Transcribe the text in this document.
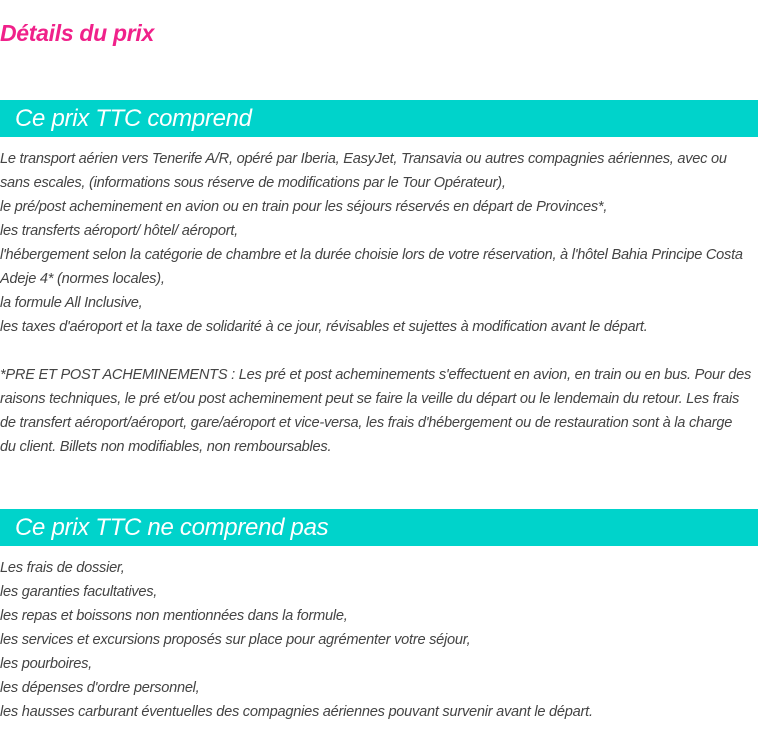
Détails du prix
Ce prix TTC comprend
Le transport aérien vers Tenerife A/R, opéré par Iberia, EasyJet, Transavia ou autres compagnies aériennes, avec ou
sans escales, (informations sous réserve de modifications par le Tour Opérateur),
le pré/post acheminement en avion ou en train pour les séjours réservés en départ de Provinces*,
les transferts aéroport/ hôtel/ aéroport,
l'hébergement selon la catégorie de chambre et la durée choisie lors de votre réservation, à l'hôtel Bahia Principe Costa
Adeje 4* (normes locales),
la formule All Inclusive,
les taxes d'aéroport et la taxe de solidarité à ce jour, révisables et sujettes à modification avant le départ.
*PRE ET POST ACHEMINEMENTS : Les pré et post acheminements s'effectuent en avion, en train ou en bus. Pour des
raisons techniques, le pré et/ou post acheminement peut se faire la veille du départ ou le lendemain du retour. Les frais
de transfert aéroport/aéroport, gare/aéroport et vice-versa, les frais d'hébergement ou de restauration sont à la charge
du client. Billets non modifiables, non remboursables.
Ce prix TTC ne comprend pas
Les frais de dossier,
les garanties facultatives,
les repas et boissons non mentionnées dans la formule,
les services et excursions proposés sur place pour agrémenter votre séjour,
les pourboires,
les dépenses d'ordre personnel,
les hausses carburant éventuelles des compagnies aériennes pouvant survenir avant le départ.
